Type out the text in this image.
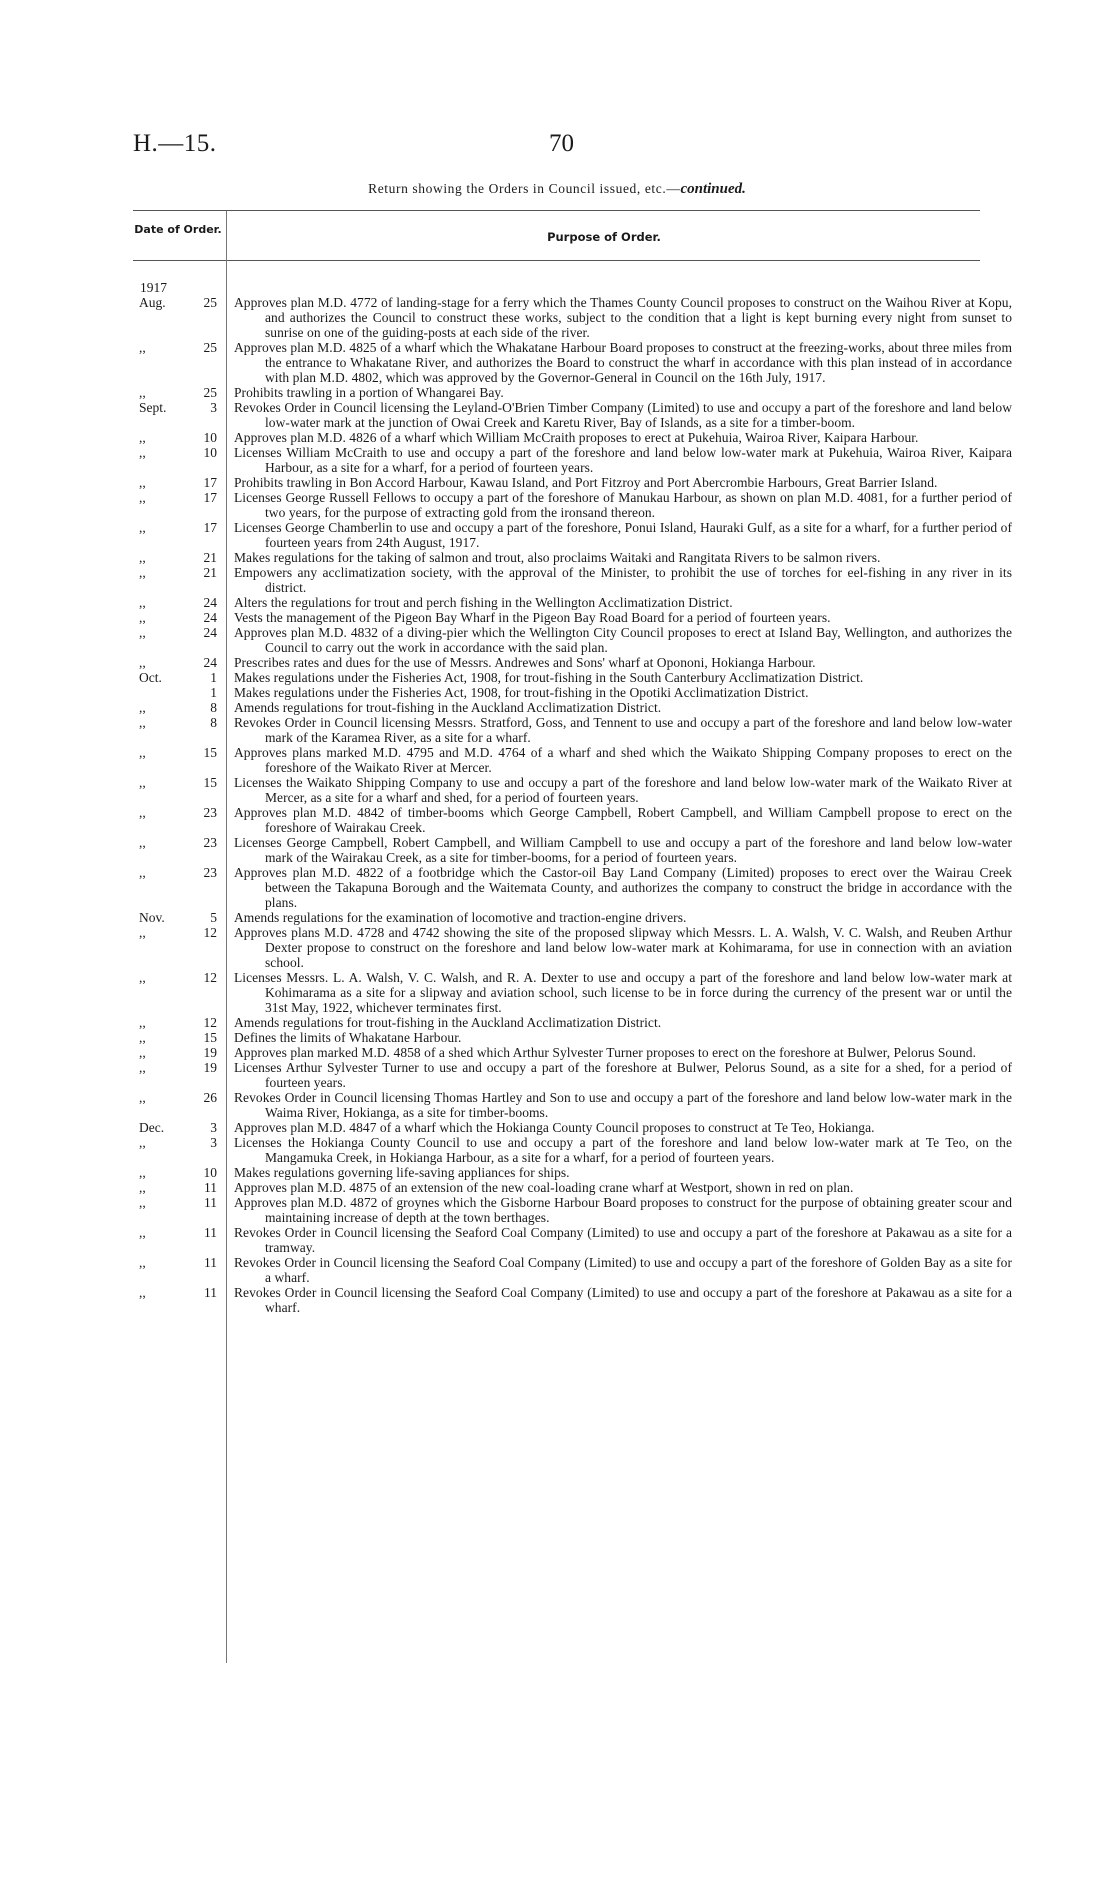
H.—15.	70
Return showing the Orders in Council issued, etc.—continued.
Date of Order.
Purpose of Order.
1917
Aug.	25 Approves plan M.D. 4772 of landing-stage for a ferry which the Thames County Council proposes to construct on the Waihou River at Kopu, and authorizes the Council to construct these works, subject to the condition that a light is kept burning every night from sunset to sunrise on one of the guiding-posts at each side of the river.

,,	25 Approves plan M.D. 4825 of a wharf which the Whakatane Harbour Board proposes to construct at the freezing-works, about three miles from the entrance to Whakatane River, and authorizes the Board to construct the wharf in accordance with this plan instead of in accordance with plan M.D. 4802, which was approved by the Governor-General in Council on the 16th July, 1917.

,,	25 Prohibits trawling in a portion of Whangarei Bay.

Sept.	3 Revokes Order in Council licensing the Leyland-O'Brien Timber Company (Limited) to use and occupy a part of the foreshore and land below low-water mark at the junction of Owai Creek and Karetu River, Bay of Islands, as a site for a timber-boom.

,,	10 Approves plan M.D. 4826 of a wharf which William McCraith proposes to erect at Pukehuia, Wairoa River, Kaipara Harbour.

,,	10 Licenses William McCraith to use and occupy a part of the foreshore and land below low-water mark at Pukehuia, Wairoa River, Kaipara Harbour, as a site for a wharf, for a period of fourteen years.

,,	17 Prohibits trawling in Bon Accord Harbour, Kawau Island, and Port Fitzroy and Port Abercrombie Harbours, Great Barrier Island.

,,	17 Licenses George Russell Fellows to occupy a part of the foreshore of Manukau Harbour, as shown on plan M.D. 4081, for a further period of two years, for the purpose of extracting gold from the ironsand thereon.

,,	17 Licenses George Chamberlin to use and occupy a part of the foreshore, Ponui Island, Hauraki Gulf, as a site for a wharf, for a further period of fourteen years from 24th August, 1917.

,,	21 Makes regulations for the taking of salmon and trout, also proclaims Waitaki and Rangitata Rivers to be salmon rivers.

,,	21 Empowers any acclimatization society, with the approval of the Minister, to prohibit the use of torches for eel-fishing in any river in its district.

,,	24 Alters the regulations for trout and perch fishing in the Wellington Acclimatization District.

,,	24 Vests the management of the Pigeon Bay Wharf in the Pigeon Bay Road Board for a period of fourteen years.

,,	24 Approves plan M.D. 4832 of a diving-pier which the Wellington City Council proposes to erect at Island Bay, Wellington, and authorizes the Council to carry out the work in accordance with the said plan.

,,	24 Prescribes rates and dues for the use of Messrs. Andrewes and Sons' wharf at Opononi, Hokianga Harbour.

Oct.	1 Makes regulations under the Fisheries Act, 1908, for trout-fishing in the South Canterbury Acclimatization District.

1 Makes regulations under the Fisheries Act, 1908, for trout-fishing in the Opotiki Acclimatization District.

,,	8 Amends regulations for trout-fishing in the Auckland Acclimatization District.

,,	8 Revokes Order in Council licensing Messrs. Stratford, Goss, and Tennent to use and occupy a part of the foreshore and land below low-water mark of the Karamea River, as a site for a wharf.

,,	15 Approves plans marked M.D. 4795 and M.D. 4764 of a wharf and shed which the Waikato Shipping Company proposes to erect on the foreshore of the Waikato River at Mercer.

,,	15 Licenses the Waikato Shipping Company to use and occupy a part of the foreshore and land below low-water mark of the Waikato River at Mercer, as a site for a wharf and shed, for a period of fourteen years.

,,	23 Approves plan M.D. 4842 of timber-booms which George Campbell, Robert Campbell, and William Campbell propose to erect on the foreshore of Wairakau Creek.

,,	23 Licenses George Campbell, Robert Campbell, and William Campbell to use and occupy a part of the foreshore and land below low-water mark of the Wairakau Creek, as a site for timber-booms, for a period of fourteen years.

,,	23 Approves plan M.D. 4822 of a footbridge which the Castor-oil Bay Land Company (Limited) proposes to erect over the Wairau Creek between the Takapuna Borough and the Waitemata County, and authorizes the company to construct the bridge in accordance with the plans.

Nov.	5 Amends regulations for the examination of locomotive and traction-engine drivers.

,,	12 Approves plans M.D. 4728 and 4742 showing the site of the proposed slipway which Messrs. L. A. Walsh, V. C. Walsh, and Reuben Arthur Dexter propose to construct on the foreshore and land below low-water mark at Kohimarama, for use in connection with an aviation school.

,,	12 Licenses Messrs. L. A. Walsh, V. C. Walsh, and R. A. Dexter to use and occupy a part of the foreshore and land below low-water mark at Kohimarama as a site for a slipway and aviation school, such license to be in force during the currency of the present war or until the 31st May, 1922, whichever terminates first.

,,	12 Amends regulations for trout-fishing in the Auckland Acclimatization District.

,,	15 Defines the limits of Whakatane Harbour.

,,	19 Approves plan marked M.D. 4858 of a shed which Arthur Sylvester Turner proposes to erect on the foreshore at Bulwer, Pelorus Sound.

,,	19 Licenses Arthur Sylvester Turner to use and occupy a part of the foreshore at Bulwer, Pelorus Sound, as a site for a shed, for a period of fourteen years.

,,	26 Revokes Order in Council licensing Thomas Hartley and Son to use and occupy a part of the foreshore and land below low-water mark in the Waima River, Hokianga, as a site for timber-booms.

Dec.	3 Approves plan M.D. 4847 of a wharf which the Hokianga County Council proposes to construct at Te Teo, Hokianga.

,,	3 Licenses the Hokianga County Council to use and occupy a part of the foreshore and land below low-water mark at Te Teo, on the Mangamuka Creek, in Hokianga Harbour, as a site for a wharf, for a period of fourteen years.

,,	10 Makes regulations governing life-saving appliances for ships.

,,	11 Approves plan M.D. 4875 of an extension of the new coal-loading crane wharf at Westport, shown in red on plan.

,,	11 Approves plan M.D. 4872 of groynes which the Gisborne Harbour Board proposes to construct for the purpose of obtaining greater scour and maintaining increase of depth at the town berthages.

,,	11 Revokes Order in Council licensing the Seaford Coal Company (Limited) to use and occupy a part of the foreshore at Pakawau as a site for a tramway.

,,	11 Revokes Order in Council licensing the Seaford Coal Company (Limited) to use and occupy a part of the foreshore of Golden Bay as a site for a wharf.

,,	11 Revokes Order in Council licensing the Seaford Coal Company (Limited) to use and occupy a part of the foreshore at Pakawau as a site for a wharf.
